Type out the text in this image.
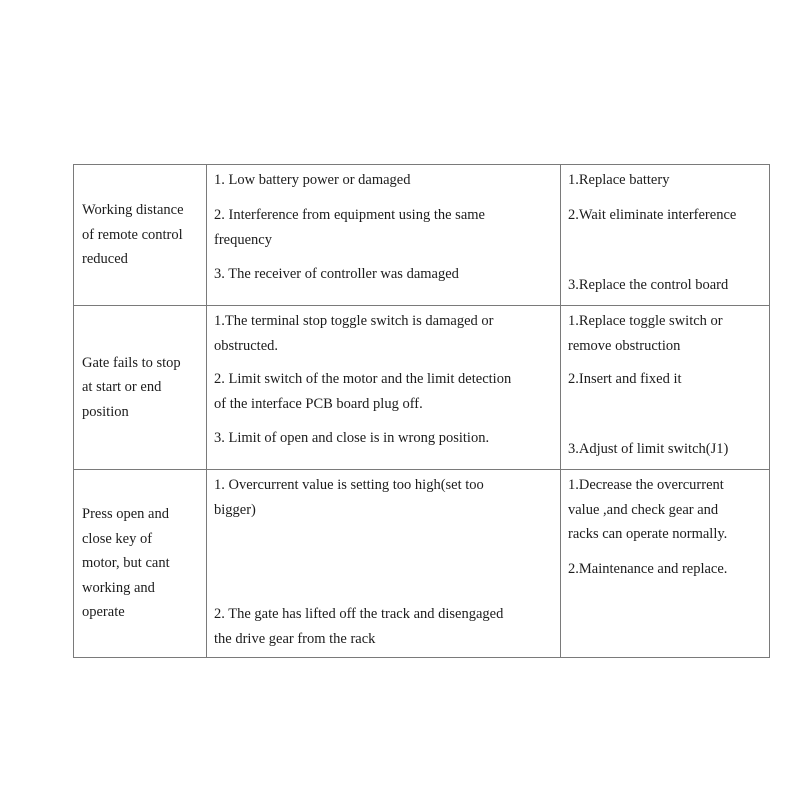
Working distance
of remote control
reduced	1. Low battery power or damaged
2. Interference from equipment using the same
frequency
3. The receiver of controller was damaged	1.Replace battery
2.Wait eliminate interference
3.Replace the control board

Gate fails to stop
at start or end
position	1.The terminal stop toggle switch is damaged or
obstructed.
2. Limit switch of the motor and the limit detection
of the interface PCB board plug off.
3. Limit of open and close is in wrong position.	1.Replace toggle switch or
remove obstruction
2.Insert and fixed it
3.Adjust of limit switch(J1)

Press open and
close key of
motor, but cant
working and
operate	1. Overcurrent value is setting too high(set too
bigger)
2. The gate has lifted off the track and disengaged
the drive gear from the rack	1.Decrease the overcurrent
value ,and check gear and
racks can operate normally.
2.Maintenance and replace.
